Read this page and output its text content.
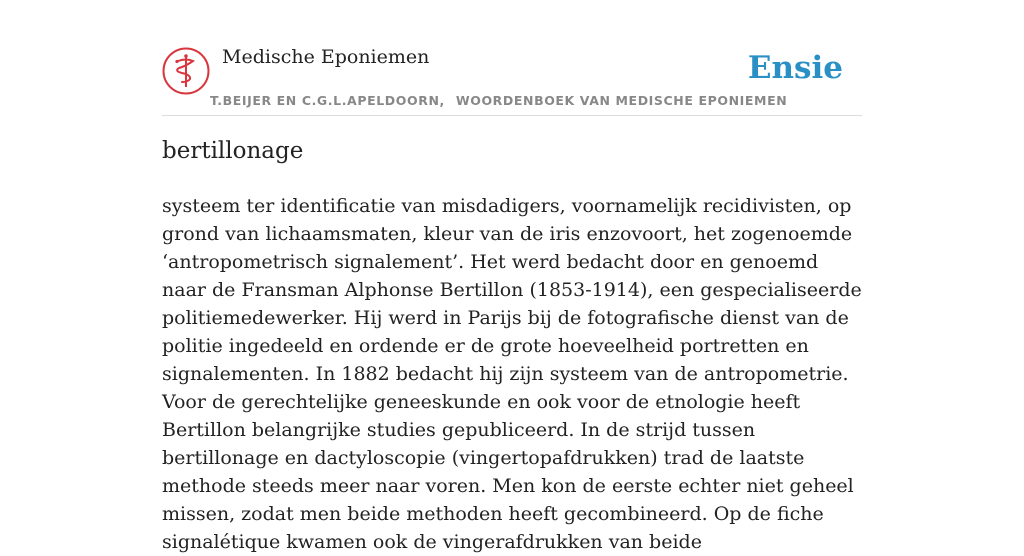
Medische Eponiemen
T.BEIJER EN C.G.L.APELDOORN, WOORDENBOEK VAN MEDISCHE EPONIEMEN
Ensie
bertillonage

systeem ter identificatie van misdadigers, voornamelijk recidivisten, op grond van lichaamsmaten, kleur van de iris enzovoort, het zogenoemde ‘antropometrisch signalement’. Het werd bedacht door en genoemd naar de Fransman Alphonse Bertillon (1853-1914), een gespecialiseerde politiemedewerker. Hij werd in Parijs bij de fotografische dienst van de politie ingedeeld en ordende er de grote hoeveelheid portretten en signalementen. In 1882 bedacht hij zijn systeem van de antropometrie. Voor de gerechtelijke geneeskunde en ook voor de etnologie heeft Bertillon belangrijke studies gepubliceerd. In de strijd tussen bertillonage en dactyloscopie (vingertopafdrukken) trad de laatste methode steeds meer naar voren. Men kon de eerste echter niet geheel missen, zodat men beide methoden heeft gecombineerd. Op de fiche signalétique kwamen ook de vingerafdrukken van beide
